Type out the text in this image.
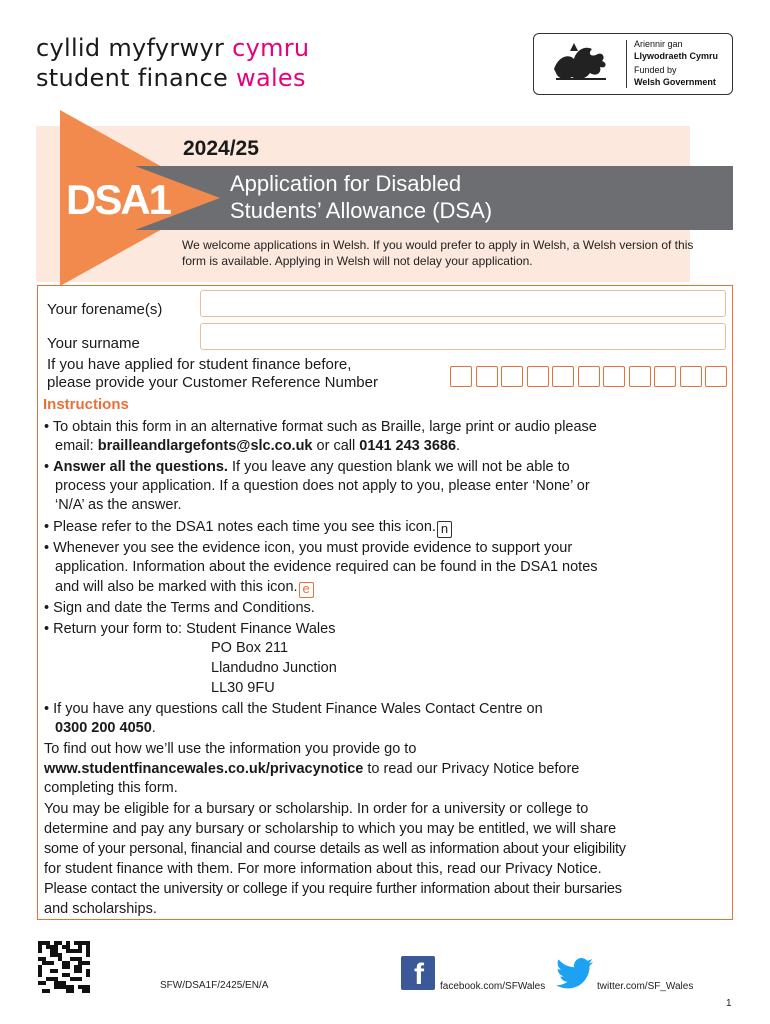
cyllid myfyrwyr cymru
student finance wales
Ariennir gan
Llywodraeth Cymru
Funded by
Welsh Government
DSA1
2024/25
Application for Disabled
Students’ Allowance (DSA)
We welcome applications in Welsh. If you would prefer to apply in Welsh, a Welsh version of this form is available. Applying in Welsh will not delay your application.
Your forename(s)
Your surname
If you have applied for student finance before,
please provide your Customer Reference Number
Instructions
• To obtain this form in an alternative format such as Braille, large print or audio please
email: brailleandlargefonts@slc.co.uk or call 0141 243 3686.
• Answer all the questions. If you leave any question blank we will not be able to
process your application. If a question does not apply to you, please enter ‘None’ or
‘N/A’ as the answer.
• Please refer to the DSA1 notes each time you see this icon. n
• Whenever you see the evidence icon, you must provide evidence to support your
application. Information about the evidence required can be found in the DSA1 notes
and will also be marked with this icon. e
• Sign and date the Terms and Conditions.
• Return your form to: Student Finance Wales
PO Box 211
Llandudno Junction
LL30 9FU
• If you have any questions call the Student Finance Wales Contact Centre on
0300 200 4050.
To find out how we’ll use the information you provide go to
www.studentfinancewales.co.uk/privacynotice to read our Privacy Notice before
completing this form.
You may be eligible for a bursary or scholarship. In order for a university or college to
determine and pay any bursary or scholarship to which you may be entitled, we will share
some of your personal, financial and course details as well as information about your eligibility
for student finance with them. For more information about this, read our Privacy Notice.
Please contact the university or college if you require further information about their bursaries
and scholarships.
SFW/DSA1F/2425/EN/A	f facebook.com/SFWales	twitter.com/SF_Wales
1
